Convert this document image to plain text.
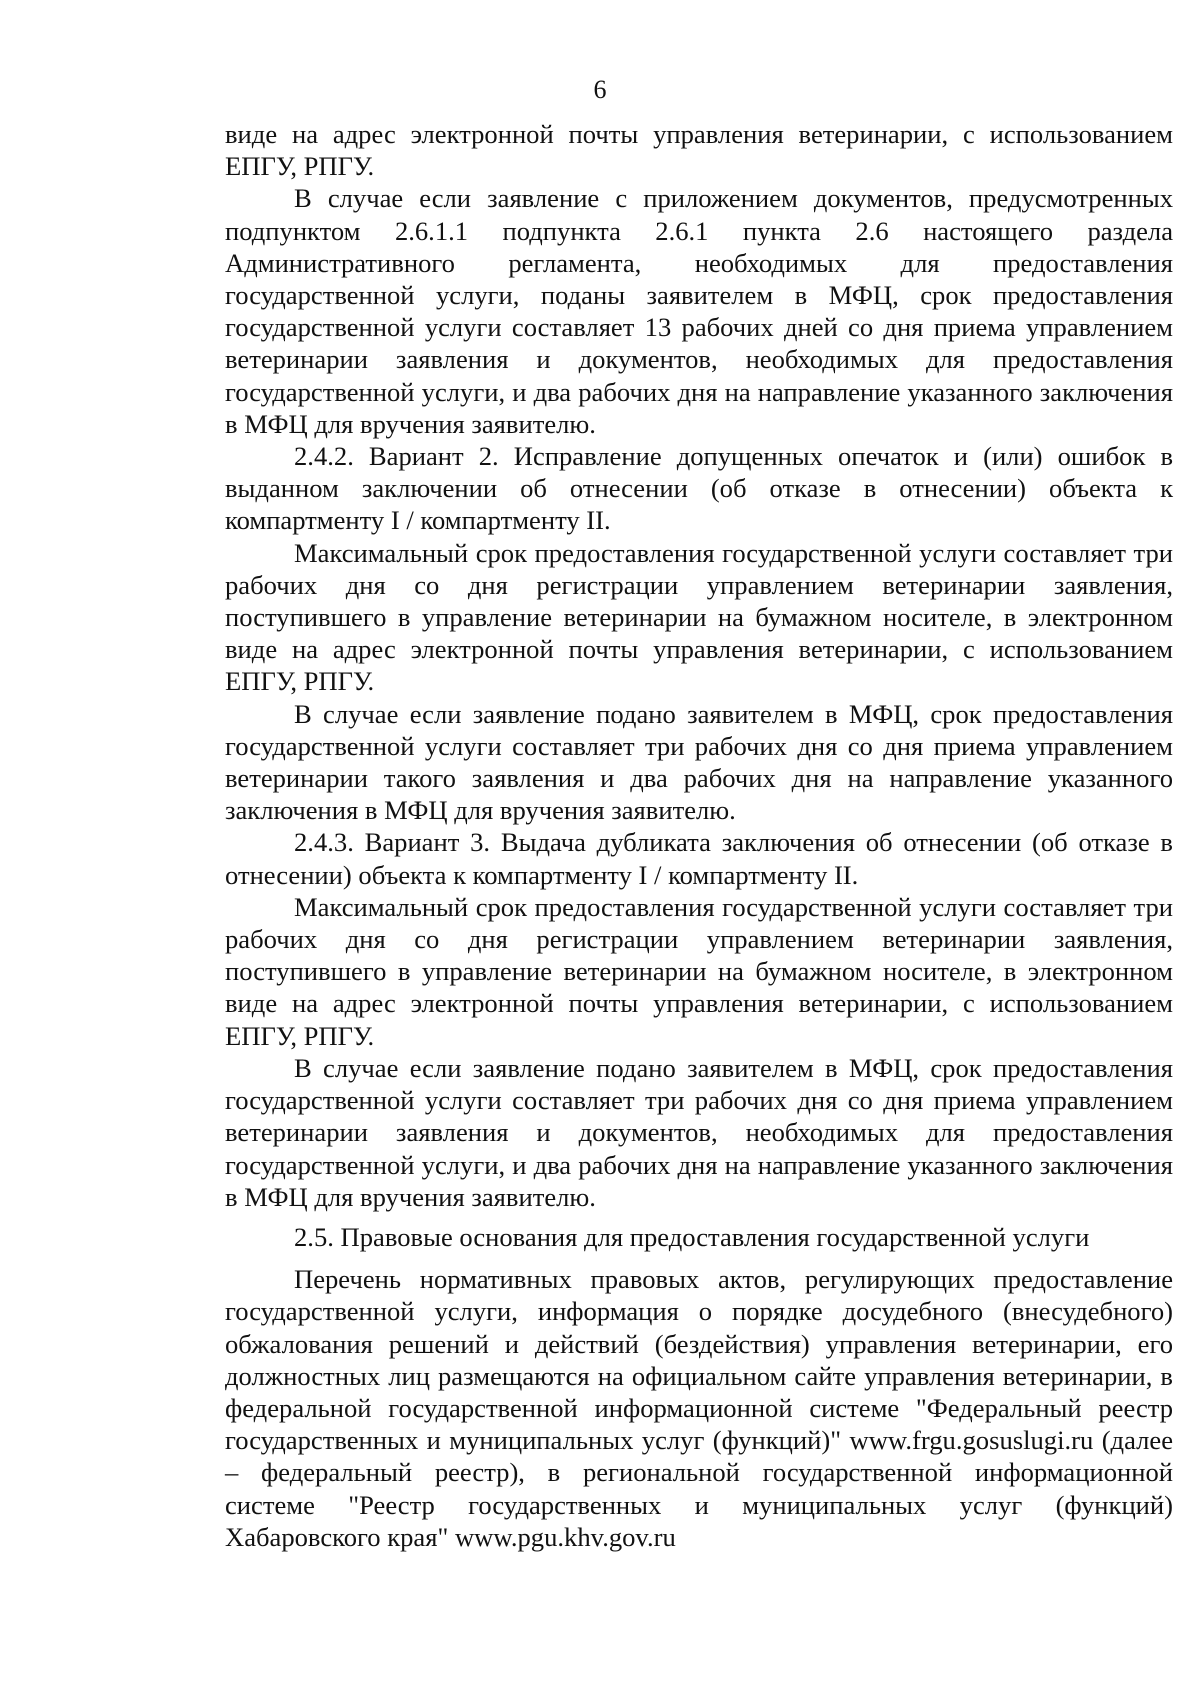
6

виде на адрес электронной почты управления ветеринарии, с использованием ЕПГУ, РПГУ.

В случае если заявление с приложением документов, предусмотренных подпунктом 2.6.1.1 подпункта 2.6.1 пункта 2.6 настоящего раздела Административного регламента, необходимых для предоставления государственной услуги, поданы заявителем в МФЦ, срок предоставления государственной услуги составляет 13 рабочих дней со дня приема управлением ветеринарии заявления и документов, необходимых для предоставления государственной услуги, и два рабочих дня на направление указанного заключения в МФЦ для вручения заявителю.

2.4.2. Вариант 2. Исправление допущенных опечаток и (или) ошибок в выданном заключении об отнесении (об отказе в отнесении) объекта к компартменту I / компартменту II.

Максимальный срок предоставления государственной услуги составляет три рабочих дня со дня регистрации управлением ветеринарии заявления, поступившего в управление ветеринарии на бумажном носителе, в электронном виде на адрес электронной почты управления ветеринарии, с использованием ЕПГУ, РПГУ.

В случае если заявление подано заявителем в МФЦ, срок предоставления государственной услуги составляет три рабочих дня со дня приема управлением ветеринарии такого заявления и два рабочих дня на направление указанного заключения в МФЦ для вручения заявителю.

2.4.3. Вариант 3. Выдача дубликата заключения об отнесении (об отказе в отнесении) объекта к компартменту I / компартменту II.

Максимальный срок предоставления государственной услуги составляет три рабочих дня со дня регистрации управлением ветеринарии заявления, поступившего в управление ветеринарии на бумажном носителе, в электронном виде на адрес электронной почты управления ветеринарии, с использованием ЕПГУ, РПГУ.

В случае если заявление подано заявителем в МФЦ, срок предоставления государственной услуги составляет три рабочих дня со дня приема управлением ветеринарии заявления и документов, необходимых для предоставления государственной услуги, и два рабочих дня на направление указанного заключения в МФЦ для вручения заявителю.

2.5. Правовые основания для предоставления государственной услуги

Перечень нормативных правовых актов, регулирующих предоставление государственной услуги, информация о порядке досудебного (внесудебного) обжалования решений и действий (бездействия) управления ветеринарии, его должностных лиц размещаются на официальном сайте управления ветеринарии, в федеральной государственной информационной системе "Федеральный реестр государственных и муниципальных услуг (функций)" www.frgu.gosuslugi.ru (далее – федеральный реестр), в региональной государственной информационной системе "Реестр государственных и муниципальных услуг (функций) Хабаровского края" www.pgu.khv.gov.ru
